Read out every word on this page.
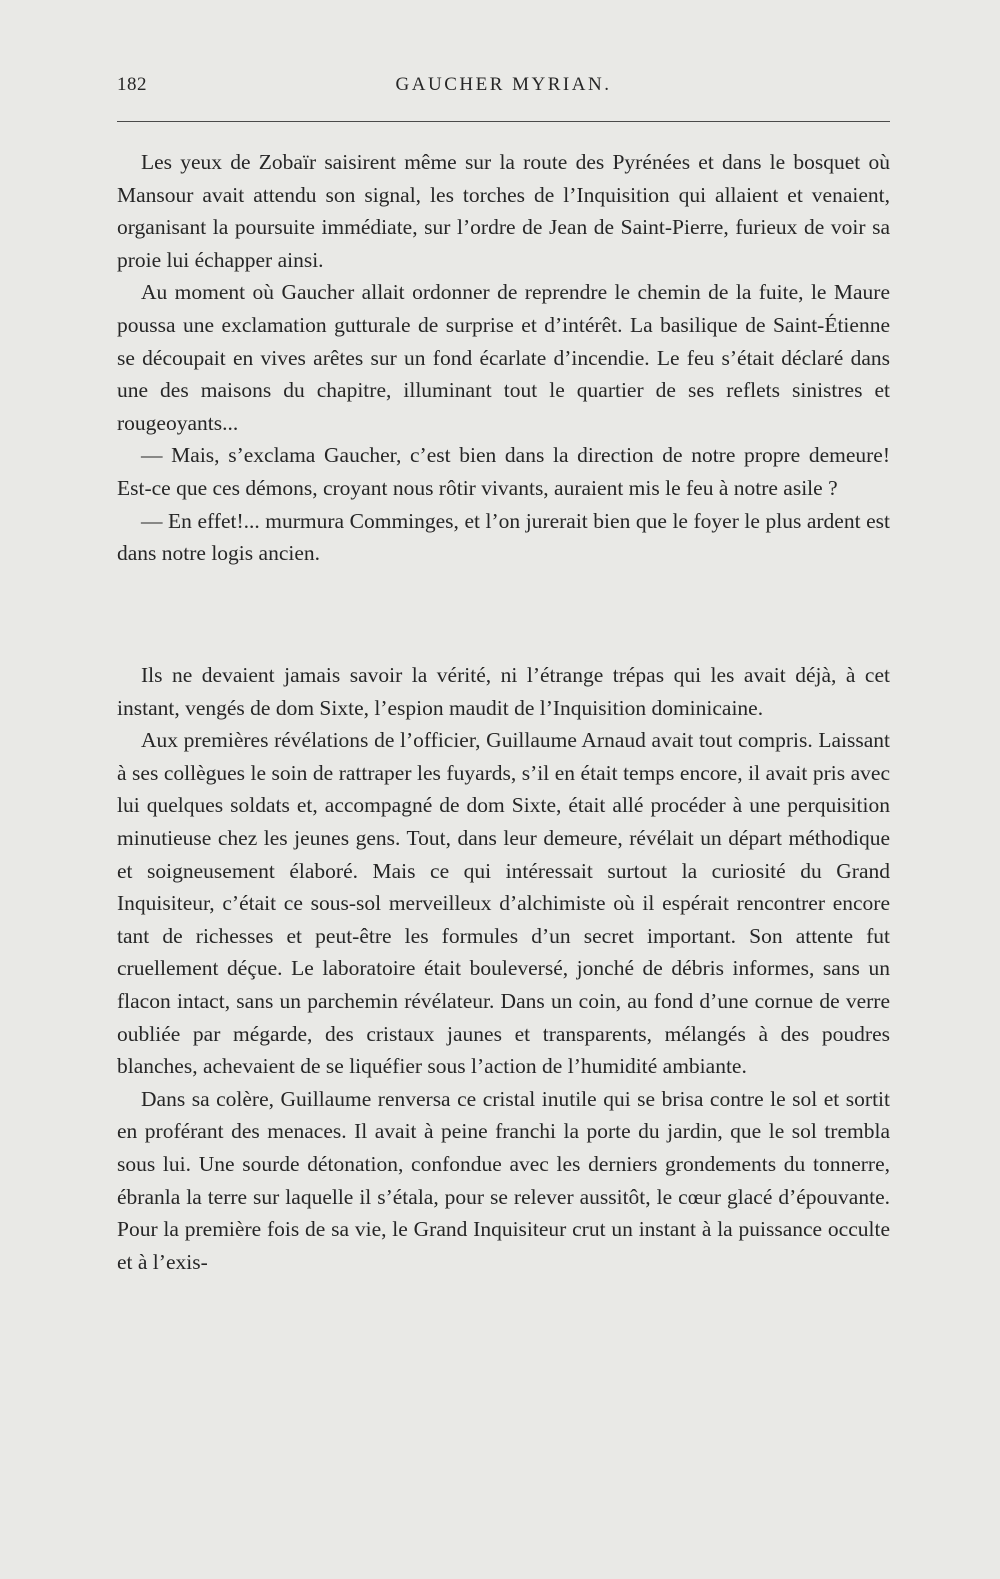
182	GAUCHER MYRIAN.

Les yeux de Zobaïr saisirent même sur la route des Pyrénées et dans le bosquet où Mansour avait attendu son signal, les torches de l’Inquisition qui allaient et venaient, organisant la poursuite immédiate, sur l’ordre de Jean de Saint-Pierre, furieux de voir sa proie lui échapper ainsi.

Au moment où Gaucher allait ordonner de reprendre le chemin de la fuite, le Maure poussa une exclamation gutturale de surprise et d’intérêt. La basilique de Saint-Étienne se découpait en vives arêtes sur un fond écarlate d’incendie. Le feu s’était déclaré dans une des maisons du chapitre, illuminant tout le quartier de ses reflets sinistres et rougeoyants...

— Mais, s’exclama Gaucher, c’est bien dans la direction de notre propre demeure! Est-ce que ces démons, croyant nous rôtir vivants, auraient mis le feu à notre asile ?

— En effet!... murmura Comminges, et l’on jurerait bien que le foyer le plus ardent est dans notre logis ancien.

Ils ne devaient jamais savoir la vérité, ni l’étrange trépas qui les avait déjà, à cet instant, vengés de dom Sixte, l’espion maudit de l’Inquisition dominicaine.

Aux premières révélations de l’officier, Guillaume Arnaud avait tout compris. Laissant à ses collègues le soin de rattraper les fuyards, s’il en était temps encore, il avait pris avec lui quelques soldats et, accompagné de dom Sixte, était allé procéder à une perquisition minutieuse chez les jeunes gens. Tout, dans leur demeure, révélait un départ méthodique et soigneusement élaboré. Mais ce qui intéressait surtout la curiosité du Grand Inquisiteur, c’était ce sous-sol merveilleux d’alchimiste où il espérait rencontrer encore tant de richesses et peut-être les formules d’un secret important. Son attente fut cruellement déçue. Le laboratoire était bouleversé, jonché de débris informes, sans un flacon intact, sans un parchemin révélateur. Dans un coin, au fond d’une cornue de verre oubliée par mégarde, des cristaux jaunes et transparents, mélangés à des poudres blanches, achevaient de se liquéfier sous l’action de l’humidité ambiante.

Dans sa colère, Guillaume renversa ce cristal inutile qui se brisa contre le sol et sortit en proférant des menaces. Il avait à peine franchi la porte du jardin, que le sol trembla sous lui. Une sourde détonation, confondue avec les derniers grondements du tonnerre, ébranla la terre sur laquelle il s’étala, pour se relever aussitôt, le cœur glacé d’épouvante. Pour la première fois de sa vie, le Grand Inquisiteur crut un instant à la puissance occulte et à l’exis-
